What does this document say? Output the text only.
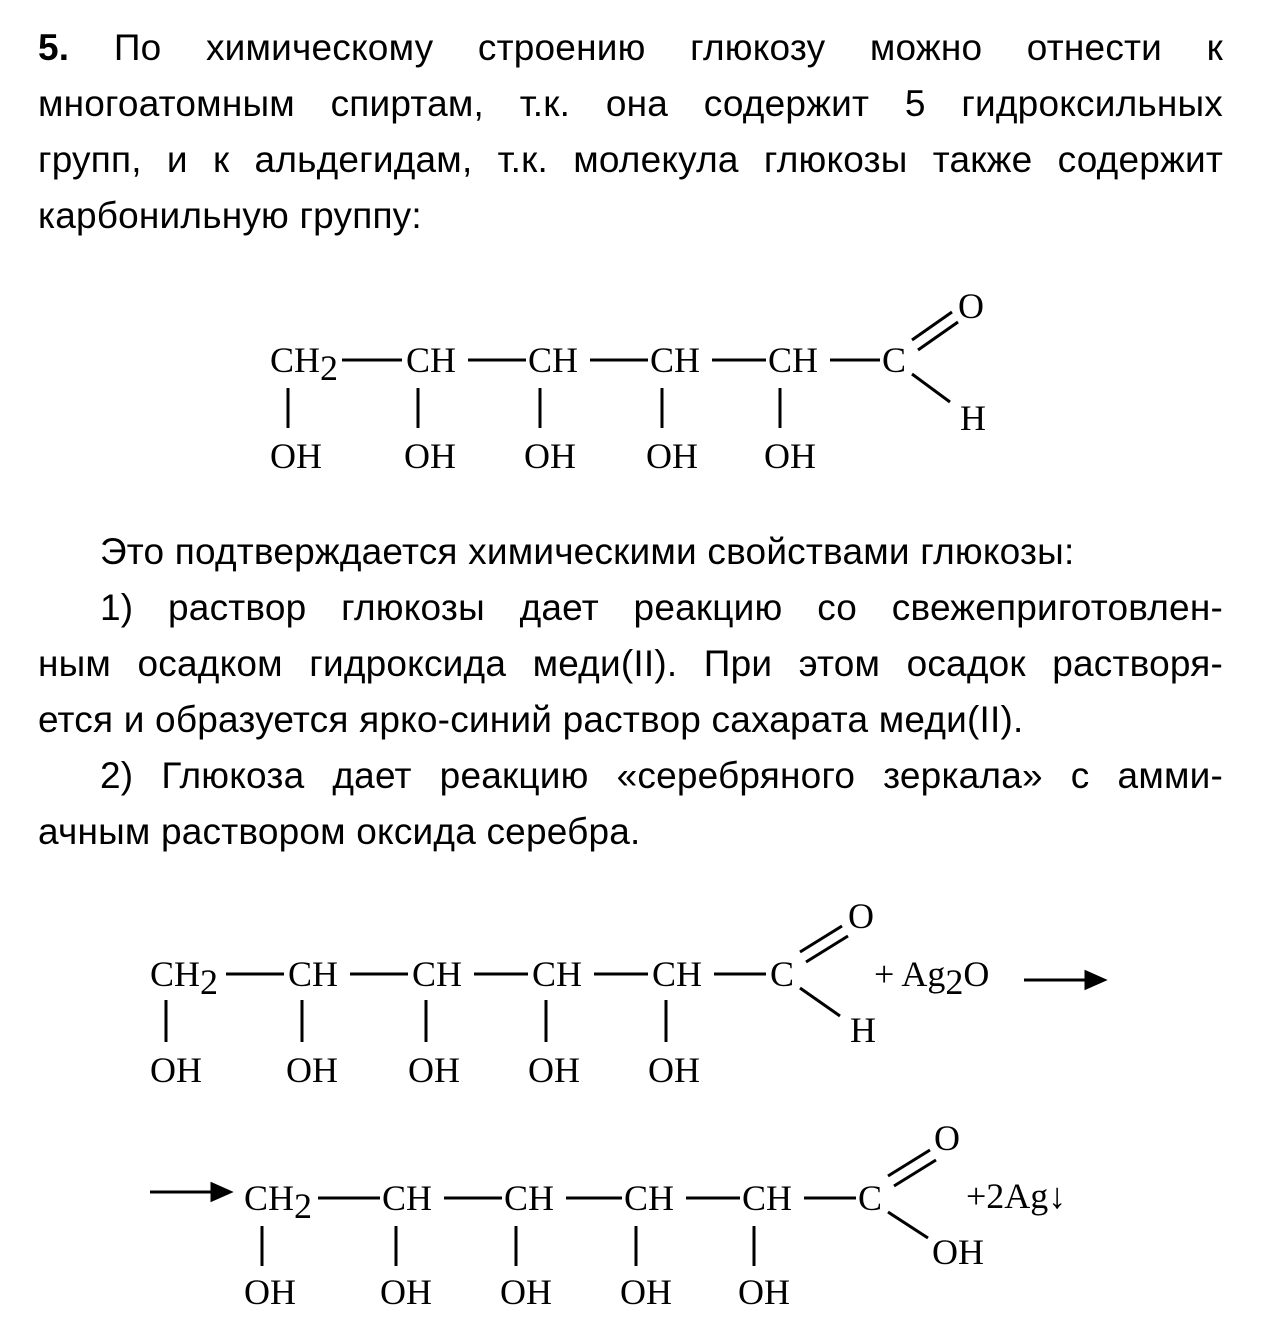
5. По химическому строению глюкозу можно отнести к
многоатомным спиртам, т.к. она содержит 5 гидроксильных
групп, и к альдегидам, т.к. молекула глюкозы также содержит
карбонильную группу:
CH2 CH CH CH CH C
O
H
OH OH OH OH OH
CH2 CH CH CH CH C
O
H
+ Ag2O
OH OH OH OH OH
CH2 CH CH CH CH C
O
OH
+2Ag↓
OH OH OH OH OH
Это подтверждается химическими свойствами глюкозы:
1) раствор глюкозы дает реакцию со свежеприготовлен-
ным осадком гидроксида меди(II). При этом осадок растворя-
ется и образуется ярко-синий раствор сахарата меди(II).
2) Глюкоза дает реакцию «серебряного зеркала» с амми-
ачным раствором оксида серебра.
